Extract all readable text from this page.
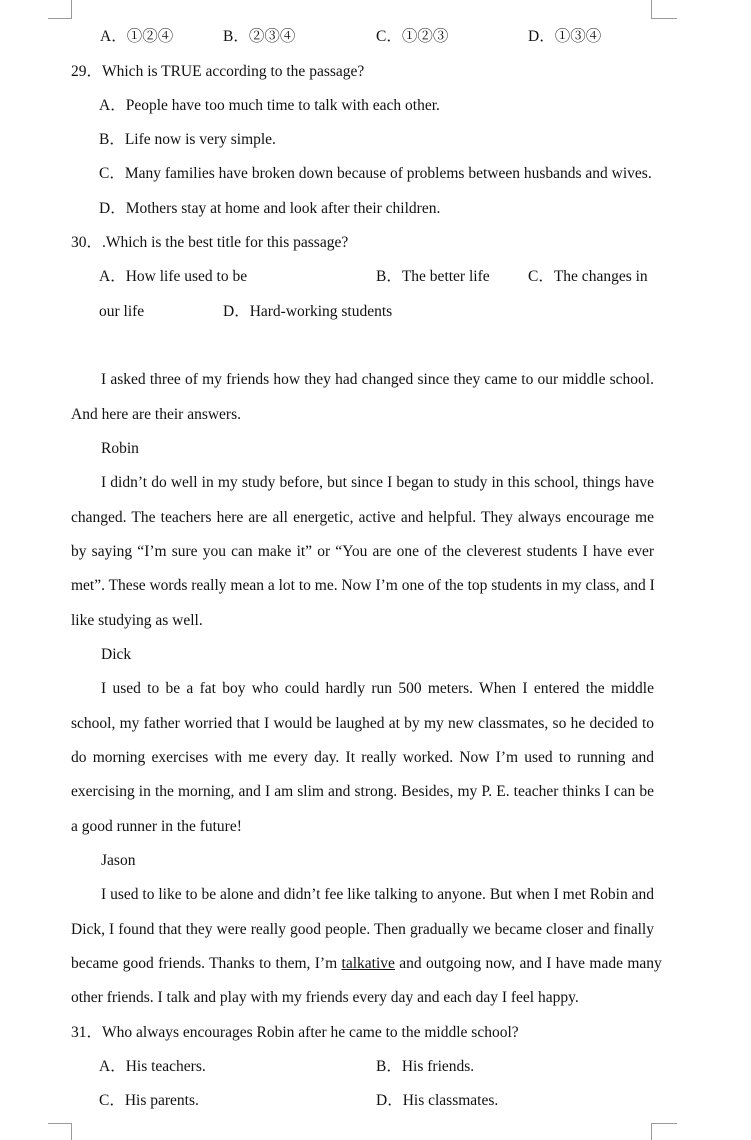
A．①②④	B．②③④	C．①②③	D．①③④
29．Which is TRUE according to the passage?
A．People have too much time to talk with each other.
B．Life now is very simple.
C．Many families have broken down because of problems between husbands and wives.
D．Mothers stay at home and look after their children.
30．.Which is the best title for this passage?
A．How life used to be	B．The better life C．The changes in
our life	D．Hard-working students
I asked three of my friends how they had changed since they came to our middle school.
And here are their answers.
Robin
I didn’t do well in my study before, but since I began to study in this school, things have
changed. The teachers here are all energetic, active and helpful. They always encourage me
by saying “I’m sure you can make it” or “You are one of the cleverest students I have ever
met”. These words really mean a lot to me. Now I’m one of the top students in my class, and I
like studying as well.
Dick
I used to be a fat boy who could hardly run 500 meters. When I entered the middle
school, my father worried that I would be laughed at by my new classmates, so he decided to
do morning exercises with me every day. It really worked. Now I’m used to running and
exercising in the morning, and I am slim and strong. Besides, my P. E. teacher thinks I can be
a good runner in the future!
Jason
I used to like to be alone and didn’t fee like talking to anyone. But when I met Robin and
Dick, I found that they were really good people. Then gradually we became closer and finally
became good friends. Thanks to them, I’m talkative and outgoing now, and I have made many
other friends. I talk and play with my friends every day and each day I feel happy.
31．Who always encourages Robin after he came to the middle school?
A．His teachers.	B．His friends.
C．His parents.	D．His classmates.
